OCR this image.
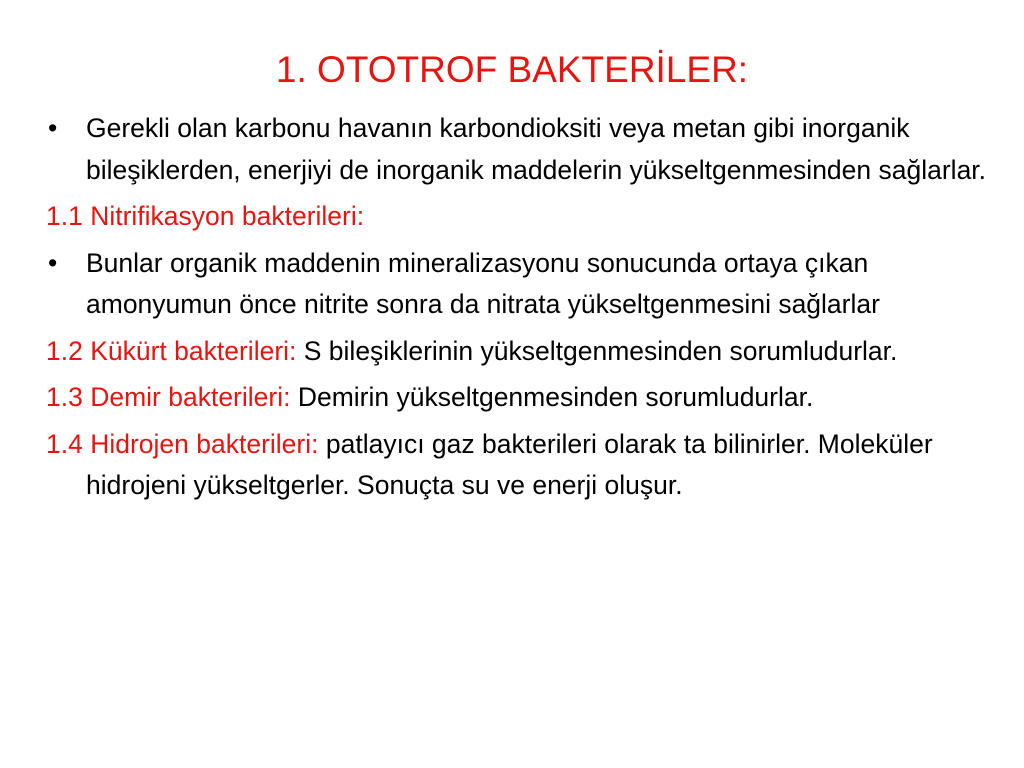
1. OTOTROF BAKTERİLER:
• Gerekli olan karbonu havanın karbondioksiti veya metan gibi inorganik bileşiklerden, enerjiyi de inorganik maddelerin yükseltgenmesinden sağlarlar.
1.1 Nitrifikasyon bakterileri:
• Bunlar organik maddenin mineralizasyonu sonucunda ortaya çıkan amonyumun önce nitrite sonra da nitrata yükseltgenmesini sağlarlar
1.2 Kükürt bakterileri: S bileşiklerinin yükseltgenmesinden sorumludurlar.
1.3 Demir bakterileri: Demirin yükseltgenmesinden sorumludurlar.
1.4 Hidrojen bakterileri: patlayıcı gaz bakterileri olarak ta bilinirler. Moleküler hidrojeni yükseltgerler. Sonuçta su ve enerji oluşur.
